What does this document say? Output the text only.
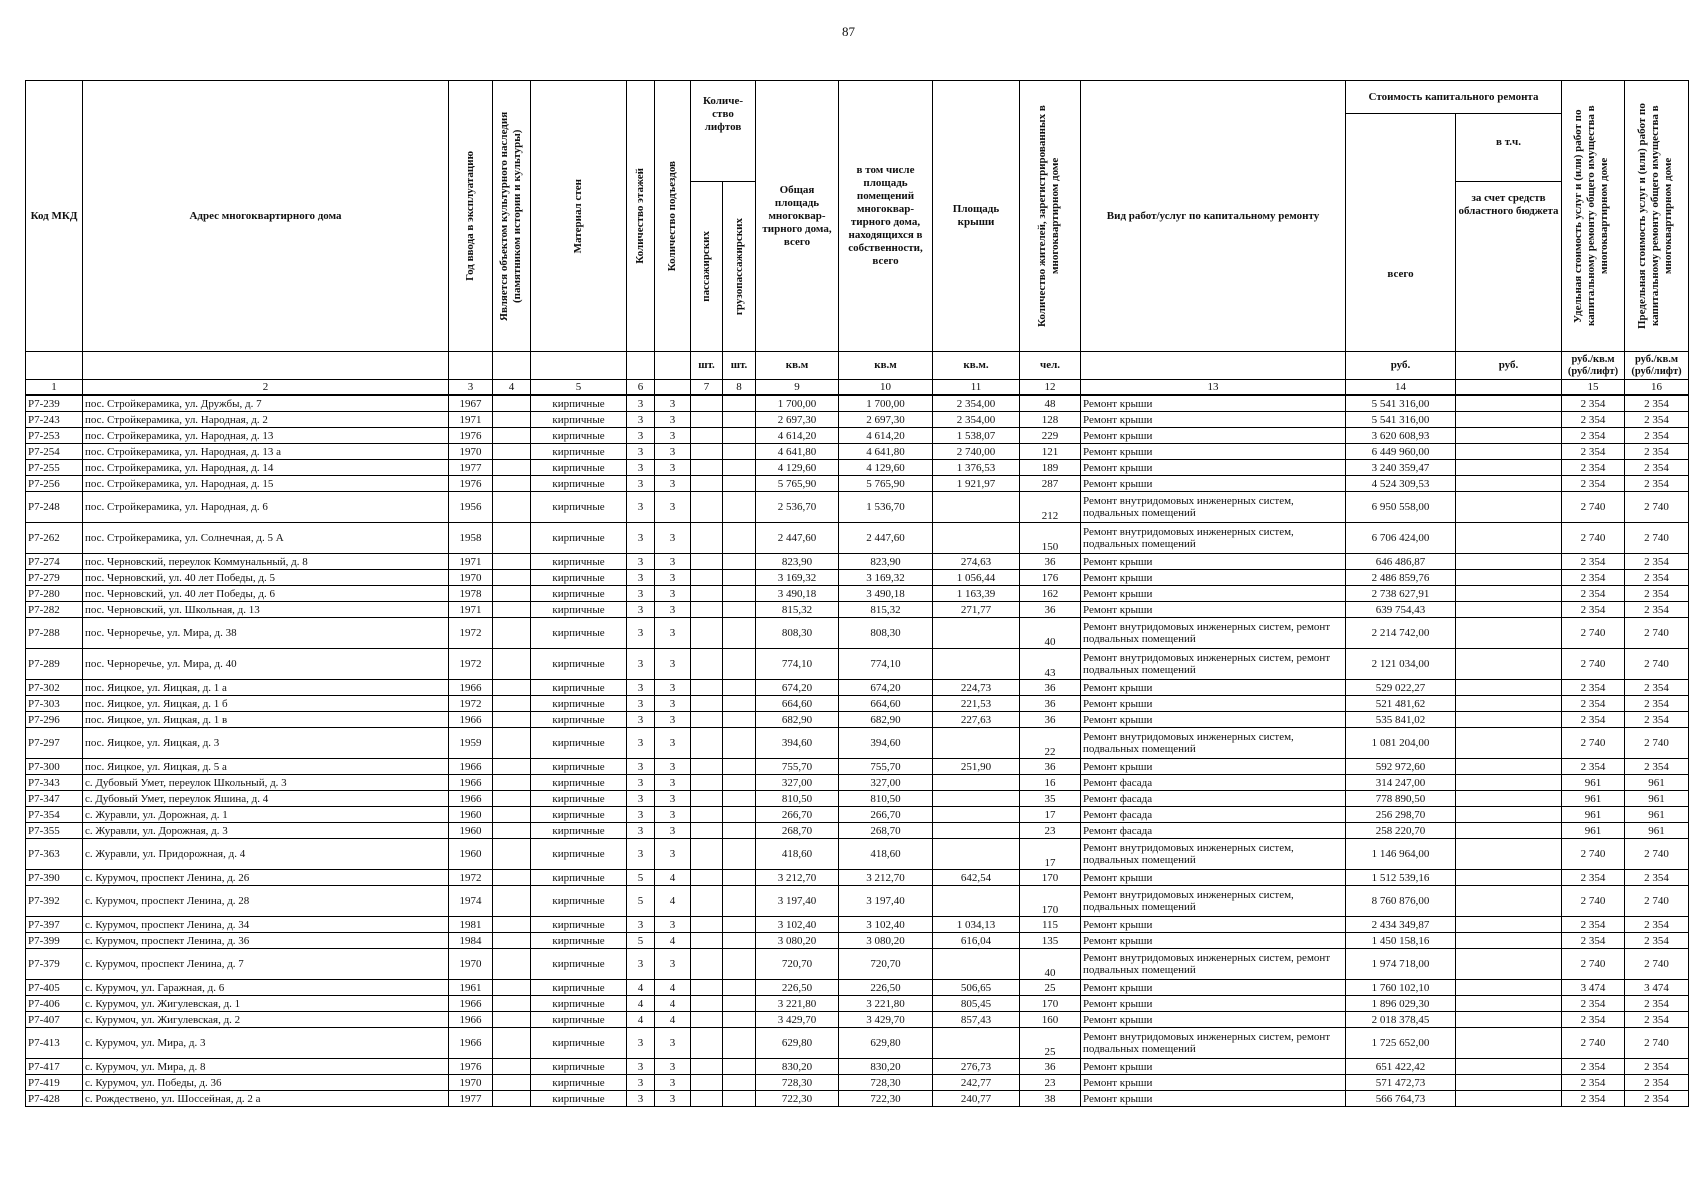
87
Код МКД	Адрес многоквартирного дома	Год ввода в эксплуатацию	Является объектом культурного наследия (памятником истории и культуры)	Материал стен	Количество этажей	Количество подъездов	Количе-ство лифтов		Общая площадь многоквар-тирного дома, всего	в том числе площадь помещений многоквар-тирного дома, находящихся в собственности, всего	Площадь крыши	Количество жителей, зарегистрированных в многоквартирном доме	Вид работ/услуг по капитальному ремонту	Стоимость капитального ремонта		Удельная стоимость услуг и (или) работ по капитальному ремонту общего имущества в многоквартирном доме	Предельная стоимость услуг и (или) работ по капитальному ремонту общего имущества в многоквартирном доме

														всего	в т.ч.		

							пассажирских	грузопассажирских							за счет средств областного бюджета		
							шт.	шт.	кв.м	кв.м	кв.м.	чел.		руб.	руб.	руб./кв.м (руб/лифт)	руб./кв.м (руб/лифт)
1	2	3	4	5	6		7	8	9	10	11	12	13	14		15	16
Р7-239	пос. Стройкерамика, ул. Дружбы, д. 7	1967		кирпичные	3	3			1 700,00	1 700,00	2 354,00	48	Ремонт крыши	5 541 316,00		2 354	2 354
Р7-243	пос. Стройкерамика, ул. Народная, д. 2	1971		кирпичные	3	3			2 697,30	2 697,30	2 354,00	128	Ремонт крыши	5 541 316,00		2 354	2 354
Р7-253	пос. Стройкерамика, ул. Народная, д. 13	1976		кирпичные	3	3			4 614,20	4 614,20	1 538,07	229	Ремонт крыши	3 620 608,93		2 354	2 354
Р7-254	пос. Стройкерамика, ул. Народная, д. 13 а	1970		кирпичные	3	3			4 641,80	4 641,80	2 740,00	121	Ремонт крыши	6 449 960,00		2 354	2 354
Р7-255	пос. Стройкерамика, ул. Народная, д. 14	1977		кирпичные	3	3			4 129,60	4 129,60	1 376,53	189	Ремонт крыши	3 240 359,47		2 354	2 354
Р7-256	пос. Стройкерамика, ул. Народная, д. 15	1976		кирпичные	3	3			5 765,90	5 765,90	1 921,97	287	Ремонт крыши	4 524 309,53		2 354	2 354
Р7-248	пос. Стройкерамика, ул. Народная, д. 6	1956		кирпичные	3	3			2 536,70	1 536,70		212	Ремонт внутридомовых инженерных систем, подвальных помещений	6 950 558,00		2 740	2 740
Р7-262	пос. Стройкерамика, ул. Солнечная, д. 5 А	1958		кирпичные	3	3			2 447,60	2 447,60		150	Ремонт внутридомовых инженерных систем, подвальных помещений	6 706 424,00		2 740	2 740
Р7-274	пос. Черновский, переулок Коммунальный, д. 8	1971		кирпичные	3	3			823,90	823,90	274,63	36	Ремонт крыши	646 486,87		2 354	2 354
Р7-279	пос. Черновский, ул. 40 лет Победы, д. 5	1970		кирпичные	3	3			3 169,32	3 169,32	1 056,44	176	Ремонт крыши	2 486 859,76		2 354	2 354
Р7-280	пос. Черновский, ул. 40 лет Победы, д. 6	1978		кирпичные	3	3			3 490,18	3 490,18	1 163,39	162	Ремонт крыши	2 738 627,91		2 354	2 354
Р7-282	пос. Черновский, ул. Школьная, д. 13	1971		кирпичные	3	3			815,32	815,32	271,77	36	Ремонт крыши	639 754,43		2 354	2 354
Р7-288	пос. Черноречье, ул. Мира, д. 38	1972		кирпичные	3	3			808,30	808,30		40	Ремонт внутридомовых инженерных систем, ремонт подвальных помещений	2 214 742,00		2 740	2 740
Р7-289	пос. Черноречье, ул. Мира, д. 40	1972		кирпичные	3	3			774,10	774,10		43	Ремонт внутридомовых инженерных систем, ремонт подвальных помещений	2 121 034,00		2 740	2 740
Р7-302	пос. Яицкое, ул. Яицкая, д. 1 а	1966		кирпичные	3	3			674,20	674,20	224,73	36	Ремонт крыши	529 022,27		2 354	2 354
Р7-303	пос. Яицкое, ул. Яицкая, д. 1 б	1972		кирпичные	3	3			664,60	664,60	221,53	36	Ремонт крыши	521 481,62		2 354	2 354
Р7-296	пос. Яицкое, ул. Яицкая, д. 1 в	1966		кирпичные	3	3			682,90	682,90	227,63	36	Ремонт крыши	535 841,02		2 354	2 354
Р7-297	пос. Яицкое, ул. Яицкая, д. 3	1959		кирпичные	3	3			394,60	394,60		22	Ремонт внутридомовых инженерных систем, подвальных помещений	1 081 204,00		2 740	2 740
Р7-300	пос. Яицкое, ул. Яицкая, д. 5 а	1966		кирпичные	3	3			755,70	755,70	251,90	36	Ремонт крыши	592 972,60		2 354	2 354
Р7-343	с. Дубовый Умет, переулок Школьный, д. 3	1966		кирпичные	3	3			327,00	327,00		16	Ремонт фасада	314 247,00		961	961
Р7-347	с. Дубовый Умет, переулок Яшина, д. 4	1966		кирпичные	3	3			810,50	810,50		35	Ремонт фасада	778 890,50		961	961
Р7-354	с. Журавли, ул. Дорожная, д. 1	1960		кирпичные	3	3			266,70	266,70		17	Ремонт фасада	256 298,70		961	961
Р7-355	с. Журавли, ул. Дорожная, д. 3	1960		кирпичные	3	3			268,70	268,70		23	Ремонт фасада	258 220,70		961	961
Р7-363	с. Журавли, ул. Придорожная, д. 4	1960		кирпичные	3	3			418,60	418,60		17	Ремонт внутридомовых инженерных систем, подвальных помещений	1 146 964,00		2 740	2 740
Р7-390	с. Курумоч, проспект Ленина, д. 26	1972		кирпичные	5	4			3 212,70	3 212,70	642,54	170	Ремонт крыши	1 512 539,16		2 354	2 354
Р7-392	с. Курумоч, проспект Ленина, д. 28	1974		кирпичные	5	4			3 197,40	3 197,40		170	Ремонт внутридомовых инженерных систем, подвальных помещений	8 760 876,00		2 740	2 740
Р7-397	с. Курумоч, проспект Ленина, д. 34	1981		кирпичные	3	3			3 102,40	3 102,40	1 034,13	115	Ремонт крыши	2 434 349,87		2 354	2 354
Р7-399	с. Курумоч, проспект Ленина, д. 36	1984		кирпичные	5	4			3 080,20	3 080,20	616,04	135	Ремонт крыши	1 450 158,16		2 354	2 354
Р7-379	с. Курумоч, проспект Ленина, д. 7	1970		кирпичные	3	3			720,70	720,70		40	Ремонт внутридомовых инженерных систем, ремонт подвальных помещений	1 974 718,00		2 740	2 740
Р7-405	с. Курумоч, ул. Гаражная, д. 6	1961		кирпичные	4	4			226,50	226,50	506,65	25	Ремонт крыши	1 760 102,10		3 474	3 474
Р7-406	с. Курумоч, ул. Жигулевская, д. 1	1966		кирпичные	4	4			3 221,80	3 221,80	805,45	170	Ремонт крыши	1 896 029,30		2 354	2 354
Р7-407	с. Курумоч, ул. Жигулевская, д. 2	1966		кирпичные	4	4			3 429,70	3 429,70	857,43	160	Ремонт крыши	2 018 378,45		2 354	2 354
Р7-413	с. Курумоч, ул. Мира, д. 3	1966		кирпичные	3	3			629,80	629,80		25	Ремонт внутридомовых инженерных систем, ремонт подвальных помещений	1 725 652,00		2 740	2 740
Р7-417	с. Курумоч, ул. Мира, д. 8	1976		кирпичные	3	3			830,20	830,20	276,73	36	Ремонт крыши	651 422,42		2 354	2 354
Р7-419	с. Курумоч, ул. Победы, д. 36	1970		кирпичные	3	3			728,30	728,30	242,77	23	Ремонт крыши	571 472,73		2 354	2 354
Р7-428	с. Рождествено, ул. Шоссейная, д. 2 а	1977		кирпичные	3	3			722,30	722,30	240,77	38	Ремонт крыши	566 764,73		2 354	2 354
